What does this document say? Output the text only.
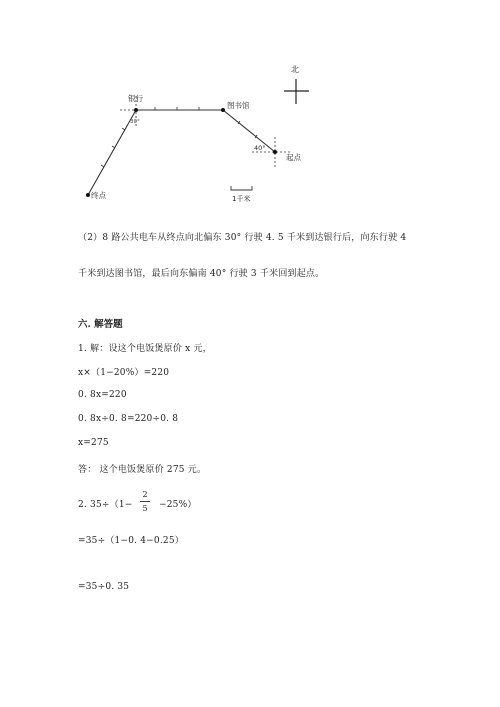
北
银行
30°
图书馆
40°
起点
终点	1千米
（2）8 路公共电车从终点向北偏东 30° 行驶 4. 5 千米到达银行后，向东行驶 4
千米到达图书馆，最后向东偏南 40° 行驶 3 千米回到起点。
六. 解答题
1. 解：设这个电饭煲原价 x 元，
x×（1−20%）=220
0. 8x=220
0. 8x÷0. 8=220÷0. 8
x=275
答： 这个电饭煲原价 275 元。
2. 35÷（1−
2
5 −25%）
=35÷（1−0. 4−0.25）
=35÷0. 35
